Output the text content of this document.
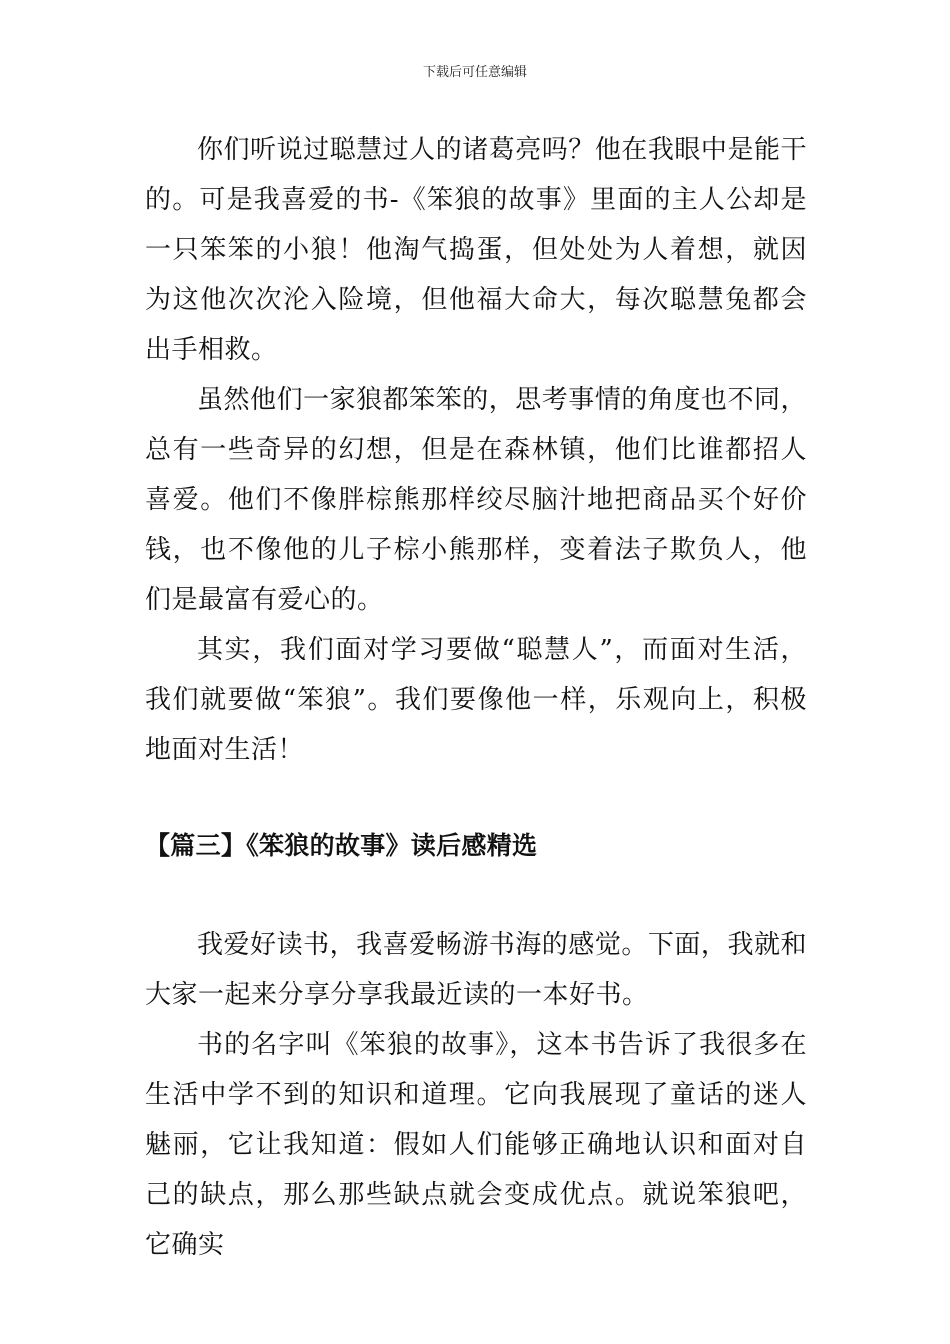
下载后可任意编辑

你们听说过聪慧过人的诸葛亮吗？他在我眼中是能干的。可是我喜爱的书-《笨狼的故事》里面的主人公却是一只笨笨的小狼！他淘气捣蛋，但处处为人着想，就因为这他次次沦入险境，但他福大命大，每次聪慧兔都会出手相救。

虽然他们一家狼都笨笨的，思考事情的角度也不同，总有一些奇异的幻想，但是在森林镇，他们比谁都招人喜爱。他们不像胖棕熊那样绞尽脑汁地把商品买个好价钱，也不像他的儿子棕小熊那样，变着法子欺负人，他们是最富有爱心的。

其实，我们面对学习要做“聪慧人”，而面对生活，我们就要做“笨狼”。我们要像他一样，乐观向上，积极地面对生活！

【篇三】《笨狼的故事》读后感精选

我爱好读书，我喜爱畅游书海的感觉。下面，我就和大家一起来分享分享我最近读的一本好书。

书的名字叫《笨狼的故事》，这本书告诉了我很多在生活中学不到的知识和道理。它向我展现了童话的迷人魅丽，它让我知道：假如人们能够正确地认识和面对自己的缺点，那么那些缺点就会变成优点。就说笨狼吧，它确实
